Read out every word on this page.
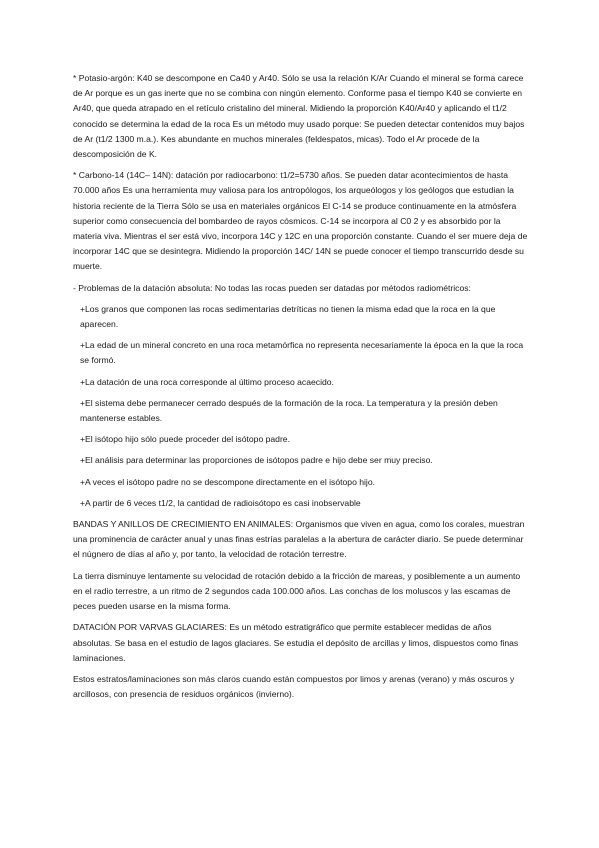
* Potasio-argón: K40 se descompone en Ca40 y Ar40. Sólo se usa la relación K/Ar Cuando el mineral se forma carece de Ar porque es un gas inerte que no se combina con ningún elemento. Conforme pasa el tiempo K40 se convierte en Ar40, que queda atrapado en el retículo cristalino del mineral. Midiendo la proporción K40/Ar40 y aplicando el t1/2 conocido se determina la edad de la roca Es un método muy usado porque: Se pueden detectar contenidos muy bajos de Ar (t1/2 1300 m.a.). Kes abundante en muchos minerales (feldespatos, micas). Todo el Ar procede de la descomposición de K.

* Carbono-14 (14C– 14N): datación por radiocarbono: t1/2=5730 años. Se pueden datar acontecimientos de hasta 70.000 años Es una herramienta muy valiosa para los antropólogos, los arqueólogos y los geólogos que estudian la historia reciente de la Tierra Sólo se usa en materiales orgánicos El C-14 se produce continuamente en la atmósfera superior como consecuencia del bombardeo de rayos cósmicos. C-14 se incorpora al C0 2 y es absorbido por la materia viva. Mientras el ser está vivo, incorpora 14C y 12C en una proporción constante. Cuando el ser muere deja de incorporar 14C que se desintegra. Midiendo la proporción 14C/ 14N se puede conocer el tiempo transcurrido desde su muerte.

- Problemas de la datación absoluta: No todas las rocas pueden ser datadas por métodos radiométricos:

+Los granos que componen las rocas sedimentarias detríticas no tienen la misma edad que la roca en la que aparecen.

+La edad de un mineral concreto en una roca metamórfica no representa necesariamente la época en la que la roca se formó.

+La datación de una roca corresponde al último proceso acaecido.

+El sistema debe permanecer cerrado después de la formación de la roca. La temperatura y la presión deben mantenerse estables.

+El isótopo hijo sólo puede proceder del isótopo padre.

+El análisis para determinar las proporciones de isótopos padre e hijo debe ser muy preciso.

+A veces el isótopo padre no se descompone directamente en el isótopo hijo.

+A partir de 6 veces t1/2, la cantidad de radioisótopo es casi inobservable

BANDAS Y ANILLOS DE CRECIMIENTO EN ANIMALES: Organismos que viven en agua, como los corales, muestran una prominencia de carácter anual y unas finas estrías paralelas a la abertura de carácter diario. Se puede determinar el núgnero de días al año y, por tanto, la velocidad de rotación terrestre.

La tierra disminuye lentamente su velocidad de rotación debido a la fricción de mareas, y posiblemente a un aumento en el radio terrestre, a un ritmo de 2 segundos cada 100.000 años. Las conchas de los moluscos y las escamas de peces pueden usarse en la misma forma.

DATACIÓN POR VARVAS GLACIARES: Es un método estratigráfico que permite establecer medidas de años absolutas. Se basa en el estudio de lagos glaciares. Se estudia el depósito de arcillas y limos, dispuestos como finas laminaciones.

Estos estratos/laminaciones son más claros cuando están compuestos por limos y arenas (verano) y más oscuros y arcillosos, con presencia de residuos orgánicos (invierno).
